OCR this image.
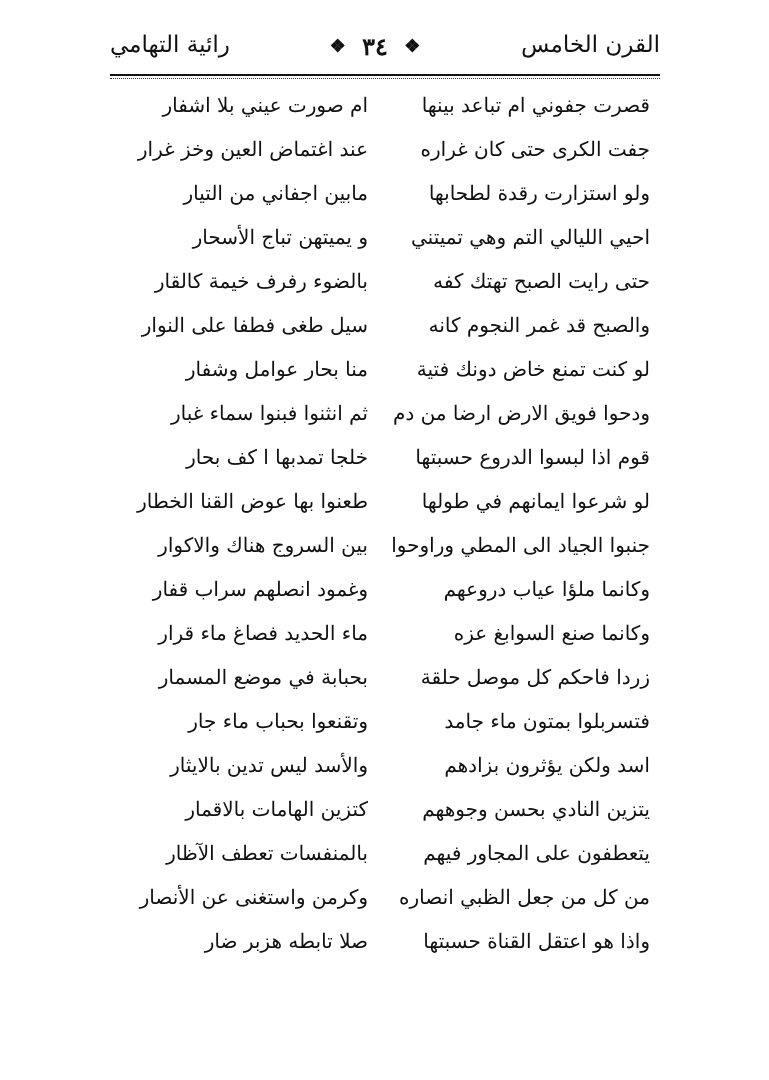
القرن الخامس
❖ ٣٤ ❖
رائية التهامي
قصرت جفوني ام تباعد بينها
ام صورت عيني بلا اشفار
جفت الكرى حتى كان غراره
عند اغتماض العين وخز غرار
ولو استزارت رقدة لطحابها
مابين اجفاني من التيار
احيي الليالي التم وهي تميتني
و يميتهن تباج الأسحار
حتى رايت الصبح تهتك كفه
بالضوء رفرف خيمة كالقار
والصبح قد غمر النجوم كانه
سيل طغى فطفا على النوار
لو كنت تمنع خاض دونك فتية
منا بحار عوامل وشفار
ودحوا فويق الارض ارضا من دم
ثم انثنوا فبنوا سماء غبار
قوم اذا لبسوا الدروع حسبتها
خلجا تمدبها ا كف بحار
لو شرعوا ايمانهم في طولها
طعنوا بها عوض القنا الخطار
جنبوا الجياد الى المطي وراوحوا
بين السروج هناك والاكوار
وكانما ملؤا عياب دروعهم
وغمود انصلهم سراب قفار
وكانما صنع السوابغ عزه
ماء الحديد فصاغ ماء قرار
زردا فاحكم كل موصل حلقة
بحبابة في موضع المسمار
فتسربلوا بمتون ماء جامد
وتقنعوا بحباب ماء جار
اسد ولكن يؤثرون بزادهم
والأسد ليس تدين بالايثار
يتزين النادي بحسن وجوههم
كتزين الهامات بالاقمار
يتعطفون على المجاور فيهم
بالمنفسات تعطف الآظار
من كل من جعل الظبي انصاره
وكرمن واستغنى عن الأنصار
واذا هو اعتقل القناة حسبتها
صلا تابطه هزبر ضار
